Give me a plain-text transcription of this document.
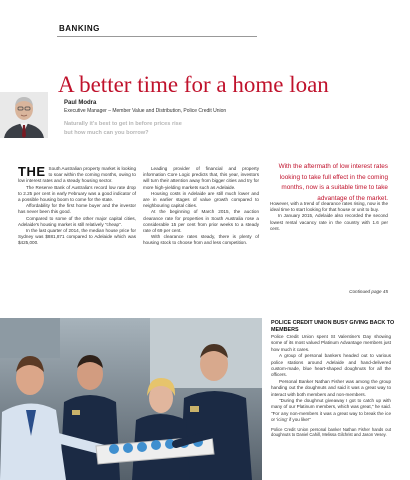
BANKING
A better time for a home loan
Paul Modra
Executive Manager – Member Value and Distribution, Police Credit Union
Naturally it's best to get in before prices rise
but how much can you borrow?

THE South Australian property market is looking to soar within the coming months, owing to low interest rates and a steady housing sector.

The Reserve Bank of Australia's record low rate drop to 2.25 per cent in early February was a good indicator of a possible housing boom to come for the state.

Affordability for the first home buyer and the investor has never been this good.

Compared to some of the other major capital cities, Adelaide's housing market is still relatively "cheap".

In the last quarter of 2014, the median house price for Sydney was $881,871 compared to Adelaide which was $425,000.

Leading provider of financial and property information Core Logic predicts that, this year, investors will turn their attention away from bigger cities and try for more high-yielding markets such as Adelaide.

Housing costs in Adelaide are still much lower and are in earlier stages of value growth compared to neighbouring capital cities.

At the beginning of March 2015, the auction clearance rate for properties in South Australia rose a considerable 15 per cent from prior weeks to a steady rate of 69 per cent.

With clearance rates steady, there is plenty of housing stock to choose from and less competition.

With the aftermath of low interest rates looking to take full effect in the coming months, now is a suitable time to take advantage of the market.

However, with a trend of clearance rates rising, now is the ideal time to start looking for that house or unit to buy.

In January 2015, Adelaide also recorded the second lowest rental vacancy rate in the country with 1.6 per cent.

Continued page 45
POLICE CREDIT UNION BUSY GIVING BACK TO MEMBERS

Police Credit Union spent St Valentine's Day showing some of its most valued Platinum Advantage members just how much it cares.

A group of personal bankers headed out to various police stations around Adelaide and hand-delivered custom-made, blue heart-shaped doughnuts for all the officers.

Personal Banker Nathan Fisher was among the group handing out the doughnuts and said it was a great way to interact with both members and non-members.

"During the doughnut giveaway I got to catch up with many of our Platinum members, which was great," he said. "For any non-members it was a great way to break the ice or 'icing' if you like!"

Police Credit Union personal banker Nathan Fisher hands out doughnuts to Daniel Cahill, Melissa Gilchrist and Jason Vesey.
